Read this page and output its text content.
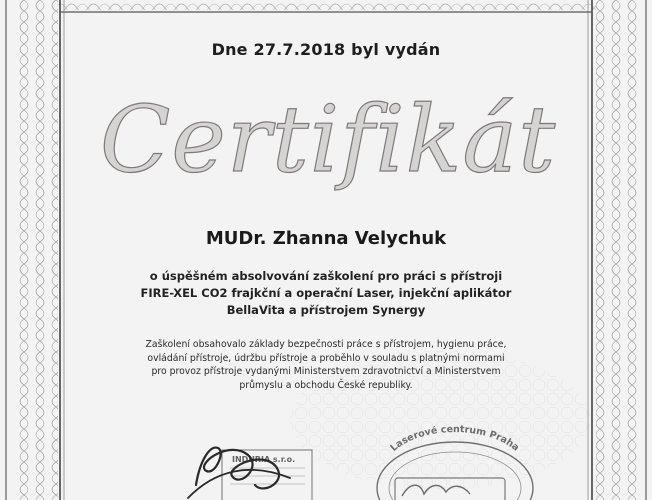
Dne 27.7.2018 byl vydán
Certifikát
MUDr. Zhanna Velychuk
o úspěšném absolvování zaškolení pro práci s přístroji
FIRE-XEL CO2 frajkční a operační Laser, injekční aplikátor
BellaVita a přístrojem Synergy
Zaškolení obsahovalo základy bezpečnosti práce s přístrojem, hygienu práce,
ovládání přístroje, údržbu přístroje a proběhlo v souladu s platnými normami
pro provoz přístroje vydanými Ministerstvem zdravotnictví a Ministerstvem
průmyslu a obchodu České republiky.
INDURIA s.r.o.
Laserové centrum Praha
